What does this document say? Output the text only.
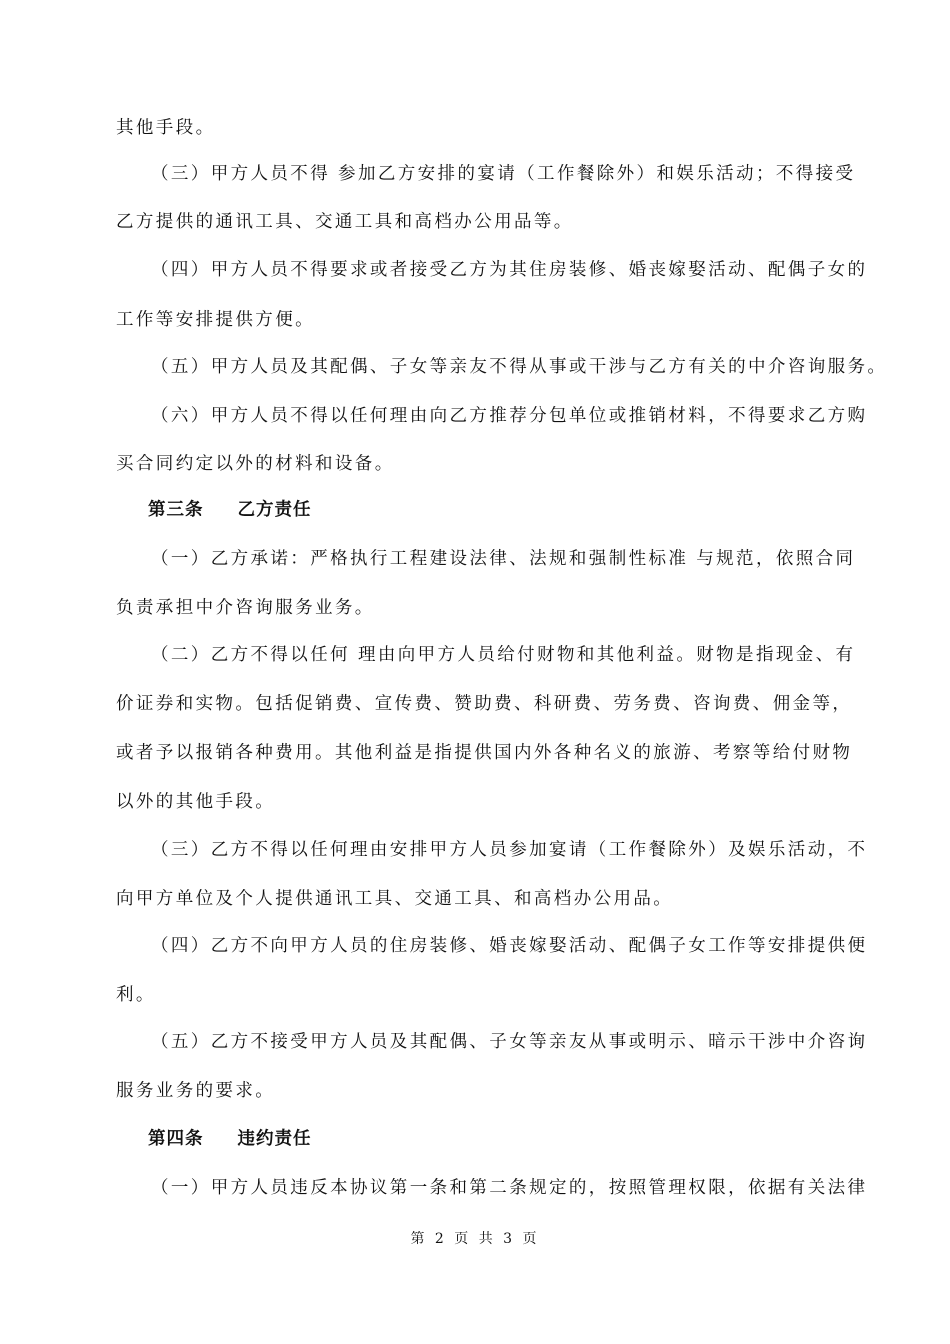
其他手段。
（三）甲方人员不得 参加乙方安排的宴请（工作餐除外）和娱乐活动；不得接受
乙方提供的通讯工具、交通工具和高档办公用品等。
（四）甲方人员不得要求或者接受乙方为其住房装修、婚丧嫁娶活动、配偶子女的
工作等安排提供方便。
（五）甲方人员及其配偶、子女等亲友不得从事或干涉与乙方有关的中介咨询服务。
（六）甲方人员不得以任何理由向乙方推荐分包单位或推销材料，不得要求乙方购
买合同约定以外的材料和设备。
第三条 乙方责任
（一）乙方承诺：严格执行工程建设法律、法规和强制性标准 与规范，依照合同
负责承担中介咨询服务业务。
（二）乙方不得以任何 理由向甲方人员给付财物和其他利益。财物是指现金、有
价证券和实物。包括促销费、宣传费、赞助费、科研费、劳务费、咨询费、佣金等，
或者予以报销各种费用。其他利益是指提供国内外各种名义的旅游、考察等给付财物
以外的其他手段。
（三）乙方不得以任何理由安排甲方人员参加宴请（工作餐除外）及娱乐活动，不
向甲方单位及个人提供通讯工具、交通工具、和高档办公用品。
（四）乙方不向甲方人员的住房装修、婚丧嫁娶活动、配偶子女工作等安排提供便
利。
（五）乙方不接受甲方人员及其配偶、子女等亲友从事或明示、暗示干涉中介咨询
服务业务的要求。
第四条 违约责任
（一）甲方人员违反本协议第一条和第二条规定的，按照管理权限，依据有关法律
第 2 页 共 3 页
